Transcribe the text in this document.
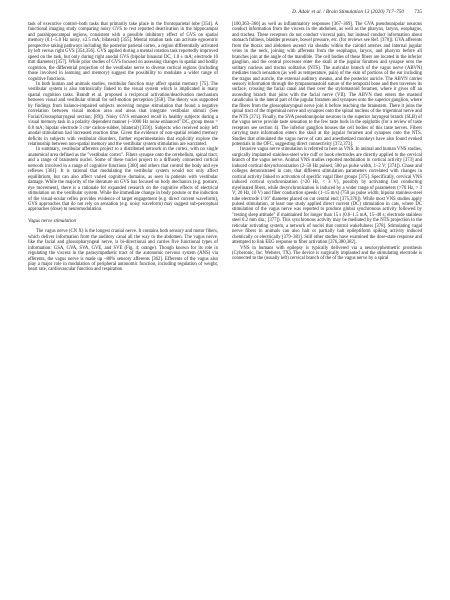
D. Adair et al. / Brain Stimulation 13 (2020) 717–750 735

task of executive control–both tasks that primarily take place in the frontoparietal lobe [354]. A functional imaging study comparing noisy GVS to rest reported deactivation in the hippocampal and parahippocampal regions, consistent with a possible inhibitory effect of GVS on spatial memory (0.1–5.0 Hz noisy, ±2.5 mA; bilateral) [355]. Mental rotation task can activate egocentric perspective taking pathways including the posterior parietal cortex, a region differentially activated by left versus right GVS [354,356]. GVS applied during a mental rotation task reportedly improved speed on the task, but only during right anodal GVS (bipolar binaural DC, 1.0 ± mA; electrode 10 mm diameter) [357]. While prior studies of GVS focused on assessing changes in spatial and bodily cognition, the differential projection of the vestibular nerve to diverse cortical regions (including those involved in learning and memory) suggest the possibility to modulate a wider range of cognitive functions.

In both human and animals studies, vestibular function may affect spatial memory [75]. The vestibular system is also intrinsically linked to the visual system which is implicated in many spatial cognition tasks. Brandt et al. proposed a reciprocal activation/deactivation mechanism between visual and vestibular stimuli for self-motion perception [358]. The theory was supported by findings from balance-impaired subjects receiving tongue stimulation that found a negative correlation between visual motion area and areas that integrate vestibular stimuli (See Facial/Glossopharyngeal section; [89]). Noisy GVS enhanced recall in healthy subjects during a visual memory task in a polarity dependent manner (~1000 Hz noise enhanced" DC, group mean = 0.8 mA; bipolar electrode 3 cm² carbon-rubber, bilateral) [359]). Subjects who received noisy left anodal stimulation had increased reaction time. Given the evidence of non-spatial related memory deficits in subjects with vestibular disorders, further experimentation that explicitly explore the relationship between non-spatial memory and the vestibular system stimulation are warranted.

In summary, vestibular afferents project to a distributed network in the cortex, with no single anatomical area defined as the "vestibular cortex". Fibers synapse onto the cerebellum, spinal tract, and a range of brainstem nuclei. Some of these nuclei project to a diffusely connected cortical network involved in a range of cognitive functions [360] and others that control the body and eye reflexes [361]. It is rational that modulating the vestibular system would not only affect equilibrium, but can also affect varied cognitive domains, as seen in patients with vestibular damage. While the majority of the literature on GVS has focused on body mechanics (e.g. posture, eye movement), there is a rationale for expanded research on the cognitive effects of electrical stimulation on the vestibular system. While the immediate change in body posture or the induction of the visual-ocular reflex provides evidence of target engagement (e.g. direct current waveform), GVS approaches that do not rely on sensation (e.g. noisy waveform) may suggest sub-perceptual approaches (dose) to neuromodulation.

Vagus nerve stimulation

The vagus nerve (CN X) is the longest cranial nerve. It contains both sensory and motor fibers, which deliver information from the auditory canal all the way to the abdomen. The vagus nerve, like the facial and glossopharyngeal nerve, is bi-directional and carries five functional types of information: GSA, GVA, SVA, GVE, and SVE (Fig. 4; orange). Though known for its role in regulating the viscera in the parasympathetic tract of the autonomic nervous system (ANS) via efferents, the vagus nerve is made up ~80% sensory afferents [362]. Efferents of the vagus also play a major role in modulation of peripheral autonomic function, including regulation of weight, heart rate, cardiovascular function and respiration

[100,363–366] as well as inflammatory responses [367–369]. The GVA pseudounipolar neurons conduct information from the viscera in the abdomen, as well as the pharynx, larynx, esophagus, and trachea. These receptors do not conduct visceral pain, but instead conduct information about stomach fullness, bladder pressure, bowel pressure, etc. (for reviews see Ref. [370]). GVA afferents from the thorax and abdomen ascend via sheaths within the carotid arteries and internal jugular veins in the neck, joining with afferents from the esophagus, larynx, and pharynx before all branches join at the angle of the mandible. The cell bodies of these fibers are located in the inferior ganglion, and the central processes enter the skull at the jugular foramen and synapse onto the solitary nucleus and tractus solitarius (NTS). The auricular branch of the vagus nerve (ABVN) mediates touch sensation (as well as temperature, pain) of the skin of portions of the ear including the tragus and auricle, the external auditory meatus, and the posterior auricle. The ABVN carries sensory information through the tympanomastoid suture of the temporal bone and then traverses its surface, crossing the facial canal and then over the stylomastoid foramen, where it gives off an ascending branch that joins with the facial nerve (VII). The ABVN then enters the mastoid canaliculus in the lateral part of the jugular foramen and synapses onto the superior ganglion, where the fibers from the glossopharyngeal nerve join it before reaching the brainstem. There it joins the spinal tract of the trigeminal nerve and synapses onto the spinal nucleus of the trigeminal nerve and the NTS [371]. Finally, the SVA pseudounipolar neurons in the superior laryngeal branch (SLB) of the vagus nerve provide taste sensation to the few taste buds in the epiglottis (for a review of taste receptors see section 4). The inferior ganglion houses the cell bodies of this taste nerves. Fibers carrying taste information enters the skull at the jugular foramen and synapses onto the NTS. Studies that stimulated the vagus nerve of cats and anesthetized monkeys have also found evoked potentials in the OFC, suggesting direct connectivity [372,373].

Invasive vagus nerve stimulation is referred to here as VNS. In animal and human VNS studies, surgically implanted stainless-steel wire cuff or hook electrodes are directly applied to the cervical branch of the vagus nerve. Animal VNS studies reported modulation in cortical activity [373] and induced cortical desynchronization (2–50 Hz pulsed, 500 µs pulse width, 1–2 V; [374]). Chase and colleges demonstrated in cats, that different stimulation parameters correlated with changes in cortical activity linked to activation of specific vagal fiber groups [375]. Specifically, cervical VNS induced cortical synchronization (>20 Hz, < 3 V), possibly by activating fast conducting myelinated fibers, while desynchronization is induced by a wider range of parameters (>70 Hz, > 3 V; 20 Hz, 10 V) and fiber conduction speeds (1–15 m/s) (750 µs pulse width; bipolar stainless-steel tube electrode 1/16" diameter placed on cut central end; [375,376]). While most VNS studies apply pulsed stimulation, at least one study applied direct current (DC) stimulation in cats, where DC stimulation of the vagus nerve was reported to produce global synchronous activity followed by "resting sleep attitude" if maintained for longer than 15 s (0.6–1.5 mA, 15–40 s; electrode stainless steel 0.2 mm dia.; [377]). This synchronous activity may be mediated by the NTS projection to the reticular activating system, a network of nuclei that control wakefulness [378]. Stimulating vagal nerve fibers in animals can also halt or partially halt epileptiform spiking activity induced chemically or electrically [379–381]. Still other studies have examined the dose-state response and attempted to link EEG response to fiber activation [376,380,382].

VNS in humans with epilepsy is typically delivered via a neurosyphermetric prosthesis (Cyberonic, Inc. Webster, TX). The device is surgically implanted and the stimulating electrode is connected to the (usually left) cervical branch of the of the vagus nerve by a spiral
